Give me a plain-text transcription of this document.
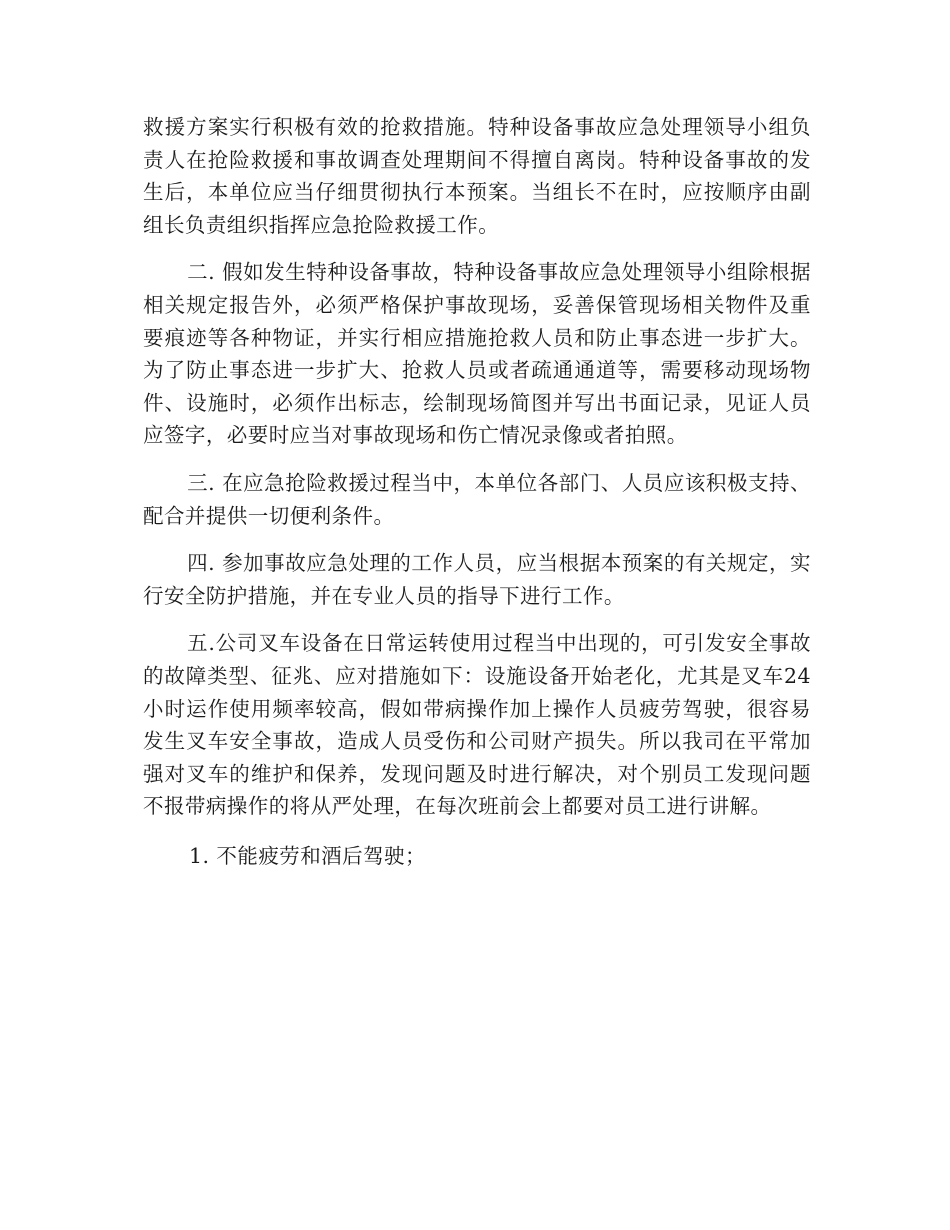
救援方案实行积极有效的抢救措施。特种设备事故应急处理领导小组负责人在抢险救援和事故调查处理期间不得擅自离岗。特种设备事故的发生后，本单位应当仔细贯彻执行本预案。当组长不在时，应按顺序由副组长负责组织指挥应急抢险救援工作。

二. 假如发生特种设备事故，特种设备事故应急处理领导小组除根据相关规定报告外，必须严格保护事故现场，妥善保管现场相关物件及重要痕迹等各种物证，并实行相应措施抢救人员和防止事态进一步扩大。为了防止事态进一步扩大、抢救人员或者疏通通道等，需要移动现场物件、设施时，必须作出标志，绘制现场简图并写出书面记录，见证人员应签字，必要时应当对事故现场和伤亡情况录像或者拍照。

三. 在应急抢险救援过程当中，本单位各部门、人员应该积极支持、配合并提供一切便利条件。

四. 参加事故应急处理的工作人员，应当根据本预案的有关规定，实行安全防护措施，并在专业人员的指导下进行工作。

五.公司叉车设备在日常运转使用过程当中出现的，可引发安全事故的故障类型、征兆、应对措施如下：设施设备开始老化，尤其是叉车24小时运作使用频率较高，假如带病操作加上操作人员疲劳驾驶，很容易发生叉车安全事故，造成人员受伤和公司财产损失。所以我司在平常加强对叉车的维护和保养，发现问题及时进行解决，对个别员工发现问题不报带病操作的将从严处理，在每次班前会上都要对员工进行讲解。

1. 不能疲劳和酒后驾驶；
